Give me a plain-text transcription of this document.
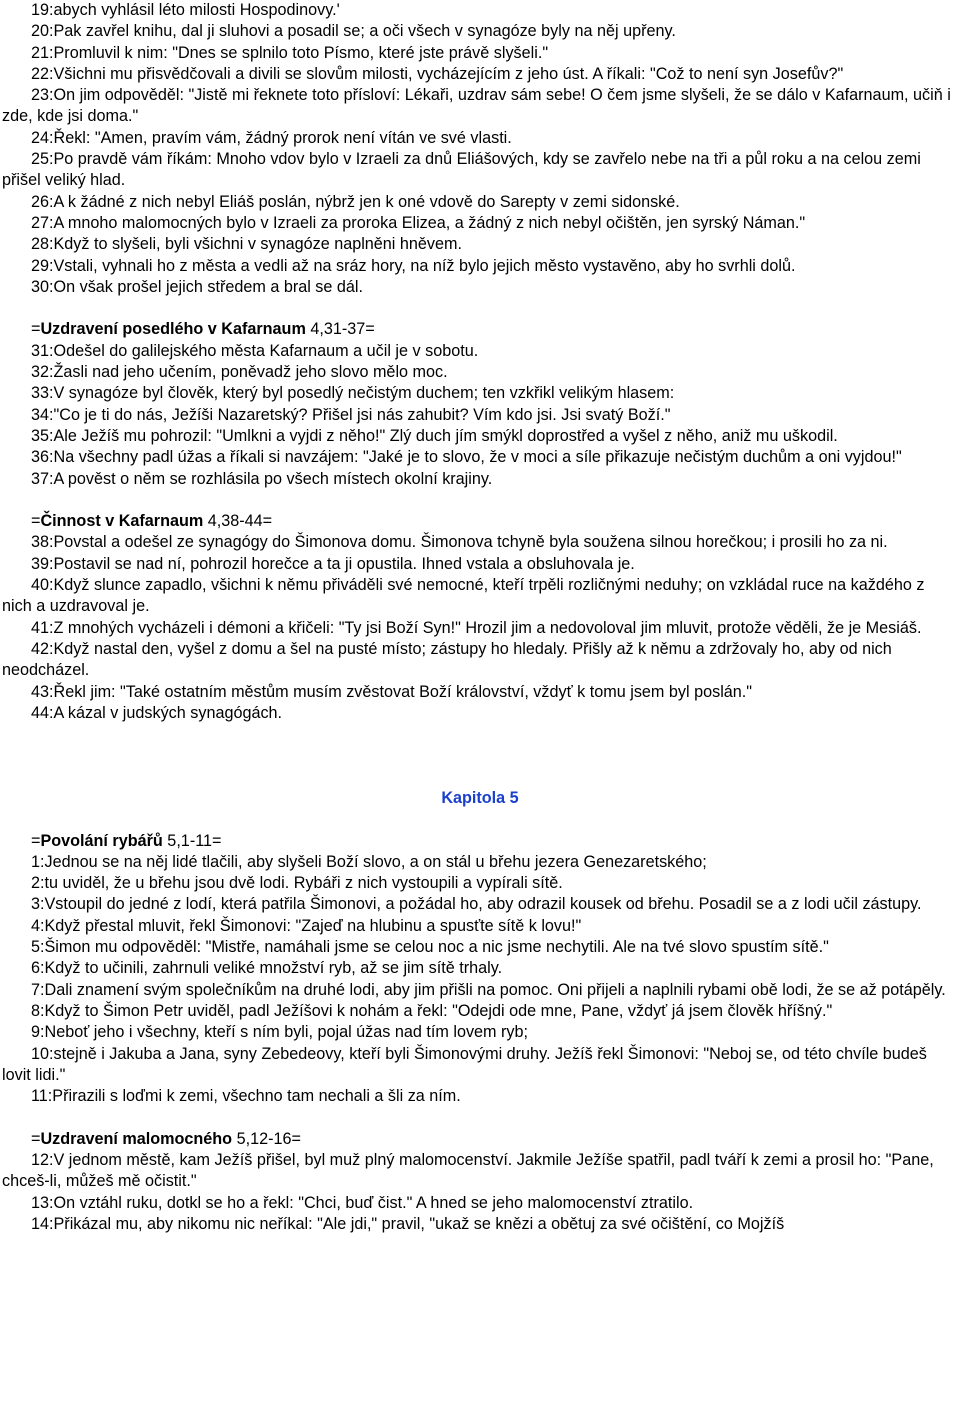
19:abych vyhlásil léto milosti Hospodinovy.'

20:Pak zavřel knihu, dal ji sluhovi a posadil se; a oči všech v synagóze byly na něj upřeny.

21:Promluvil k nim: "Dnes se splnilo toto Písmo, které jste právě slyšeli."

22:Všichni mu přisvědčovali a divili se slovům milosti, vycházejícím z jeho úst. A říkali: "Což to není syn Josefův?"

23:On jim odpověděl: "Jistě mi řeknete toto přísloví: Lékaři, uzdrav sám sebe! O čem jsme slyšeli, že se dálo v Kafarnaum, učiň i zde, kde jsi doma."

24:Řekl: "Amen, pravím vám, žádný prorok není vítán ve své vlasti.

25:Po pravdě vám říkám: Mnoho vdov bylo v Izraeli za dnů Eliášových, kdy se zavřelo nebe na tři a půl roku a na celou zemi přišel veliký hlad.

26:A k žádné z nich nebyl Eliáš poslán, nýbrž jen k oné vdově do Sarepty v zemi sidonské.

27:A mnoho malomocných bylo v Izraeli za proroka Elizea, a žádný z nich nebyl očištěn, jen syrský Náman."

28:Když to slyšeli, byli všichni v synagóze naplněni hněvem.

29:Vstali, vyhnali ho z města a vedli až na sráz hory, na níž bylo jejich město vystavěno, aby ho svrhli dolů.

30:On však prošel jejich středem a bral se dál.

=Uzdravení posedlého v Kafarnaum 4,31-37=

31:Odešel do galilejského města Kafarnaum a učil je v sobotu.

32:Žasli nad jeho učením, poněvadž jeho slovo mělo moc.

33:V synagóze byl člověk, který byl posedlý nečistým duchem; ten vzkřikl velikým hlasem:

34:"Co je ti do nás, Ježíši Nazaretský? Přišel jsi nás zahubit? Vím kdo jsi. Jsi svatý Boží."

35:Ale Ježíš mu pohrozil: "Umlkni a vyjdi z něho!" Zlý duch jím smýkl doprostřed a vyšel z něho, aniž mu uškodil.

36:Na všechny padl úžas a říkali si navzájem: "Jaké je to slovo, že v moci a síle přikazuje nečistým duchům a oni vyjdou!"

37:A pověst o něm se rozhlásila po všech místech okolní krajiny.

=Činnost v Kafarnaum 4,38-44=

38:Povstal a odešel ze synagógy do Šimonova domu. Šimonova tchyně byla soužena silnou horečkou; i prosili ho za ni.

39:Postavil se nad ní, pohrozil horečce a ta ji opustila. Ihned vstala a obsluhovala je.

40:Když slunce zapadlo, všichni k němu přiváděli své nemocné, kteří trpěli rozličnými neduhy; on vzkládal ruce na každého z nich a uzdravoval je.

41:Z mnohých vycházeli i démoni a křičeli: "Ty jsi Boží Syn!" Hrozil jim a nedovoloval jim mluvit, protože věděli, že je Mesiáš.

42:Když nastal den, vyšel z domu a šel na pusté místo; zástupy ho hledaly. Přišly až k němu a zdržovaly ho, aby od nich neodcházel.

43:Řekl jim: "Také ostatním městům musím zvěstovat Boží království, vždyť k tomu jsem byl poslán."

44:A kázal v judských synagógách.

Kapitola 5

=Povolání rybářů 5,1-11=

1:Jednou se na něj lidé tlačili, aby slyšeli Boží slovo, a on stál u břehu jezera Genezaretského;

2:tu uviděl, že u břehu jsou dvě lodi. Rybáři z nich vystoupili a vypírali sítě.

3:Vstoupil do jedné z lodí, která patřila Šimonovi, a požádal ho, aby odrazil kousek od břehu. Posadil se a z lodi učil zástupy.

4:Když přestal mluvit, řekl Šimonovi: "Zajeď na hlubinu a spusťte sítě k lovu!"

5:Šimon mu odpověděl: "Mistře, namáhali jsme se celou noc a nic jsme nechytili. Ale na tvé slovo spustím sítě."

6:Když to učinili, zahrnuli veliké množství ryb, až se jim sítě trhaly.

7:Dali znamení svým společníkům na druhé lodi, aby jim přišli na pomoc. Oni přijeli a naplnili rybami obě lodi, že se až potápěly.

8:Když to Šimon Petr uviděl, padl Ježíšovi k nohám a řekl: "Odejdi ode mne, Pane, vždyť já jsem člověk hříšný."

9:Neboť jeho i všechny, kteří s ním byli, pojal úžas nad tím lovem ryb;

10:stejně i Jakuba a Jana, syny Zebedeovy, kteří byli Šimonovými druhy. Ježíš řekl Šimonovi: "Neboj se, od této chvíle budeš lovit lidi."

11:Přirazili s loďmi k zemi, všechno tam nechali a šli za ním.

=Uzdravení malomocného 5,12-16=

12:V jednom městě, kam Ježíš přišel, byl muž plný malomocenství. Jakmile Ježíše spatřil, padl tváří k zemi a prosil ho: "Pane, chceš-li, můžeš mě očistit."

13:On vztáhl ruku, dotkl se ho a řekl: "Chci, buď čist." A hned se jeho malomocenství ztratilo.

14:Přikázal mu, aby nikomu nic neříkal: "Ale jdi," pravil, "ukaž se knězi a obětuj za své očištění, co Mojžíš
